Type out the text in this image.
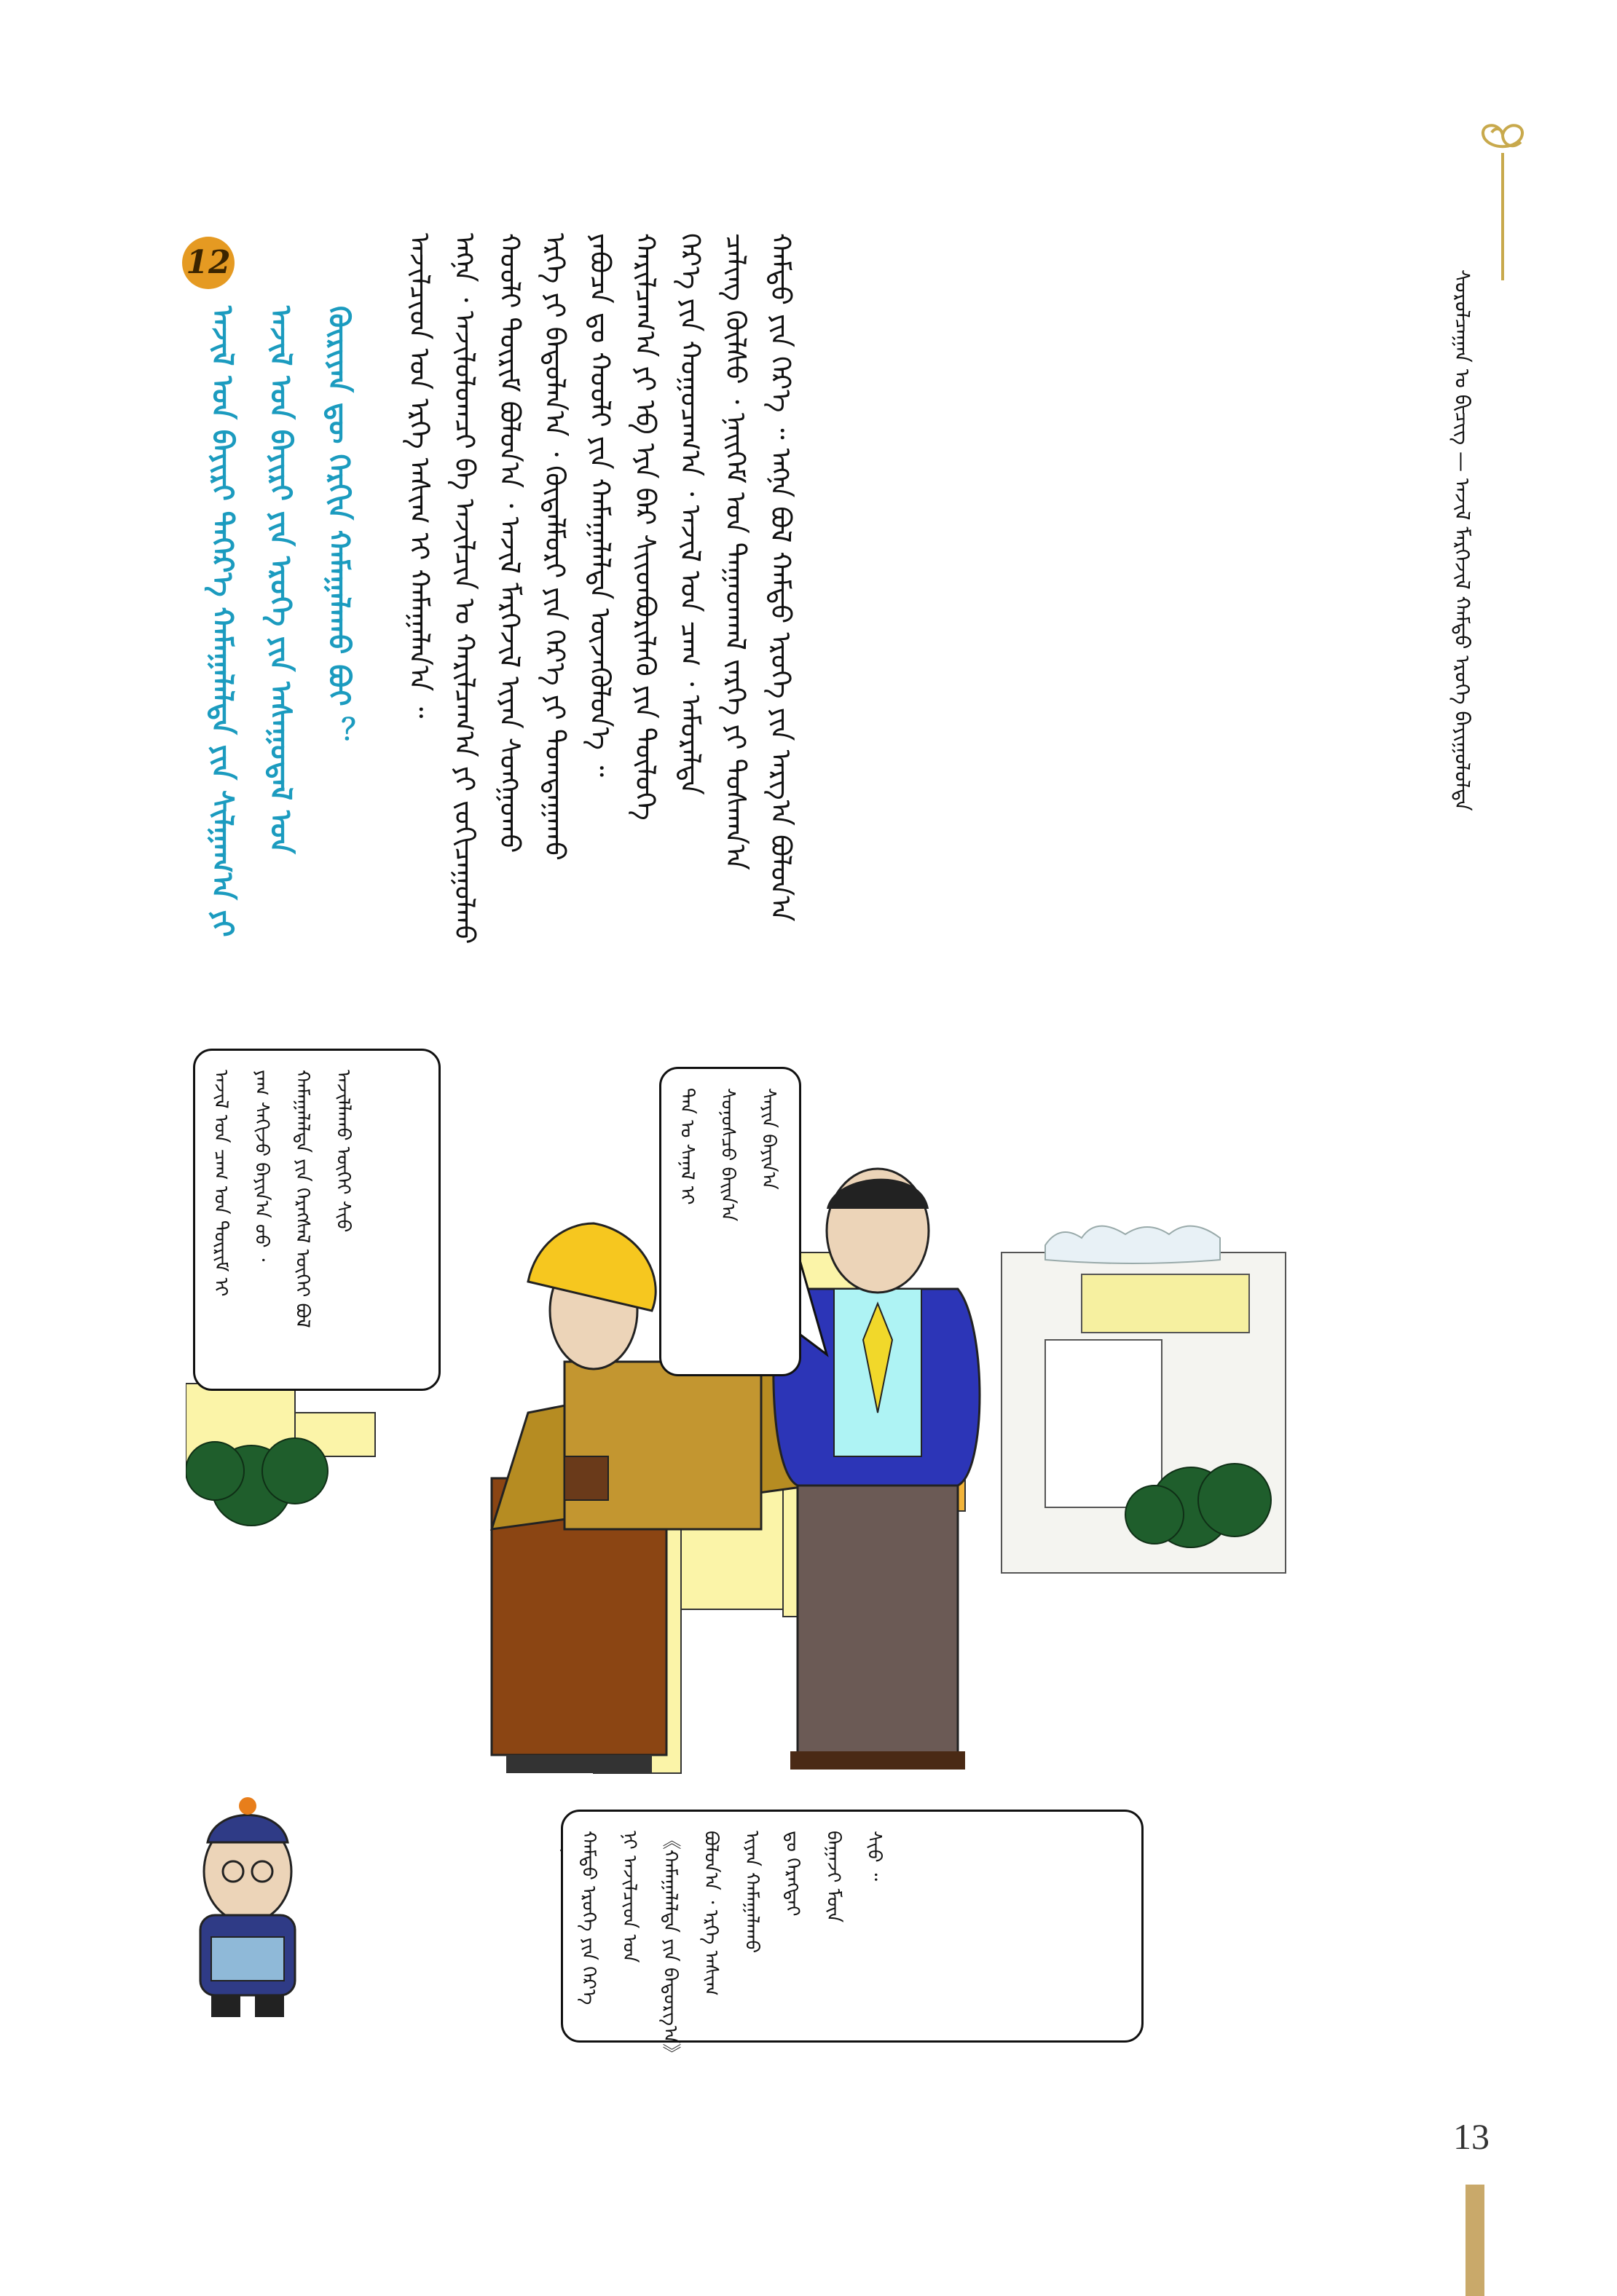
ᠰᠤᠷᠤᠯᠴᠠᠭᠠᠨ ᠤ ᠪᠢᠴᠢᠭ — ᠠᠵᠢᠯ ᠮᠡᠷᠭᠡᠵᠢᠯ ᠬᠠᠮᠲᠤ ᠡᠷᠦᠬᠡ ᠪᠠᠶᠢᠭᠤᠯᠤᠯᠲᠠ
ᠠᠵᠢᠯᠴᠢᠳ ᠤᠨ ᠡᠷᠬᠡ ᠠᠰᠢᠭ ᠢ ᠬᠠᠮᠠᠭᠠᠯᠠᠨ᠎ᠠ ᠃ ᠡᠩᠨᠡ ᠂ ᠠᠵᠢᠯᠤᠯᠤᠭᠴᠢ ᠪᠠ ᠠᠵᠢᠯᠴᠢᠨ ᠤ ᠬᠠᠷᠢᠯᠴᠠᠭ᠎ᠠ ᠶᠢ ᠵᠣᠬᠢᠴᠠᠭᠤᠯᠬᠤ ᠬᠤᠤᠯᠢ ᠳᠦᠷᠢᠮ ᠪᠣᠯᠤᠨ᠎ᠠ ᠂ ᠠᠵᠢᠯ ᠮᠡᠷᠭᠡᠵᠢᠯ ᠢᠶᠡᠨ ᠰᠣᠩᠭᠤᠬᠤ ᠡᠷᠬᠡ ᠶᠢ ᠪᠠᠲᠤᠯᠠᠨ᠎ᠠ ᠂ ᠬᠦᠳᠡᠯᠮᠦᠷᠢ ᠶᠢᠨ ᠭᠡᠷ᠎ᠡ ᠶᠢ ᠲᠣᠭᠲᠠᠭᠠᠬᠤ ᠶᠠᠪᠤᠴᠠ ᠳᠤ ᠬᠤᠤᠯᠢ ᠶᠢᠨ ᠬᠠᠮᠠᠭᠠᠯᠠᠯᠲᠠ ᠦᠵᠡᠭᠦᠯᠦᠨ᠎ᠡ ᠃ ᠬᠠᠷᠢᠯᠴᠠᠭ᠎ᠠ ᠶᠢ ᠡᠪ ᠡᠶᠡ ᠪᠠᠷ ᠰᠢᠢᠳᠪᠦᠷᠢᠯᠡᠬᠦ ᠶᠢᠨ ᠲᠥᠯᠥᠭᠡ ᠭᠡᠷ᠎ᠡ ᠶᠢᠨ ᠬᠤᠭᠤᠴᠠᠭ᠎ᠠ ᠂ ᠠᠵᠢᠯ ᠤᠨ ᠴᠠᠭ ᠂ ᠠᠮᠤᠷᠠᠯᠲᠠ ᠴᠠᠯᠢᠩ ᠬᠥᠯᠰᠥ ᠂ ᠨᠡᠢᠭᠡᠮ ᠤᠨ ᠳᠠᠭᠠᠳᠬᠠᠯ ᠵᠡᠷᠭᠡ ᠶᠢ ᠲᠤᠰᠬᠠᠨ᠎ᠠ ᠬᠠᠮᠲᠤ ᠶᠢᠨ ᠭᠡᠷ᠎ᠡ ᠃ ᠡᠩᠨᠡ ᠪᠣᠯ ᠬᠠᠮᠲᠤ ᠡᠷᠦᠬᠡ ᠶᠢᠨ ᠠᠷᠭ᠎ᠠ ᠪᠣᠯᠤᠨ᠎ᠠ
12
ᠠᠵᠢᠯ ᠤᠨ ᠪᠠᠶᠢᠷᠢ ᠳᠡᠭᠡᠷ᠎ᠡ ᠬᠠᠮᠠᠭᠠᠯᠠᠯᠲᠠ ᠶᠢᠨ ᠰᠢᠯᠭᠠᠭ᠎ᠠ ᠶᠢ ᠠᠵᠢᠯ ᠤᠨ ᠪᠠᠶᠢᠷᠢ ᠶᠢᠨ ᠡᠷᠦᠬᠡ ᠶᠢᠨ ᠠᠰᠠᠭᠤᠳᠠᠯ ᠤᠨ ᠬᠦᠷᠢᠶᠡᠨ ᠳᠦ ᠬᠡᠷᠬᠢᠨ ᠬᠠᠮᠠᠭᠠᠯᠠᠬᠤ ᠪᠤᠢ ？
ᠠᠵᠢᠯ ᠤᠨ ᠴᠠᠭ ᠤᠨ ᠳᠦᠷᠢᠮ ᠢ ᠶᠠᠭ ᠰᠠᠬᠢᠵᠤ ᠪᠠᠶᠢᠨ᠎ᠠ ᠤᠤ ᠂ ᠬᠠᠮᠠᠭᠠᠯᠠᠯᠲᠠ ᠶᠢᠨ ᠬᠡᠷᠡᠭᠰᠡᠯ ᠦᠭᠡᠢ ᠪᠣᠯ ᠠᠵᠢᠯᠯᠠᠬᠤ ᠦᠭᠡᠢ ᠰᠢᠦ	ᠲᠠᠨ ᠤ ᠰᠠᠨᠠᠯ ᠢ ᠰᠣᠨᠣᠰᠴᠤ ᠪᠠᠢᠨ᠎ᠠ ᠰᠠᠶᠢᠨ ᠪᠠᠶᠢᠨ᠎ᠠ
ᠬᠠᠮᠲᠤ ᠡᠷᠦᠬᠡ ᠶᠢᠨ ᠭᠡᠷ᠎ᠡ ᠨᠢ ᠠᠵᠢᠯᠴᠢᠳ ᠤᠨ 《ᠬᠠᠮᠠᠭᠠᠯᠠᠯᠲᠠ ᠶᠢᠨ ᠪᠠᠳᠤᠷᠭ᠎ᠠ》 ᠪᠣᠯᠤᠨ᠎ᠠ ᠂ ᠡᠷᠬᠡ ᠠᠰᠢᠭ ᠢᠶᠡᠨ ᠬᠠᠮᠠᠭᠠᠯᠠᠬᠤ ᠳᠤ ᠬᠡᠷᠡᠭᠲᠡᠢ ᠪᠠᠭᠠᠵᠢ ᠮᠥᠨ ᠰᠢᠦ ᠃
13
